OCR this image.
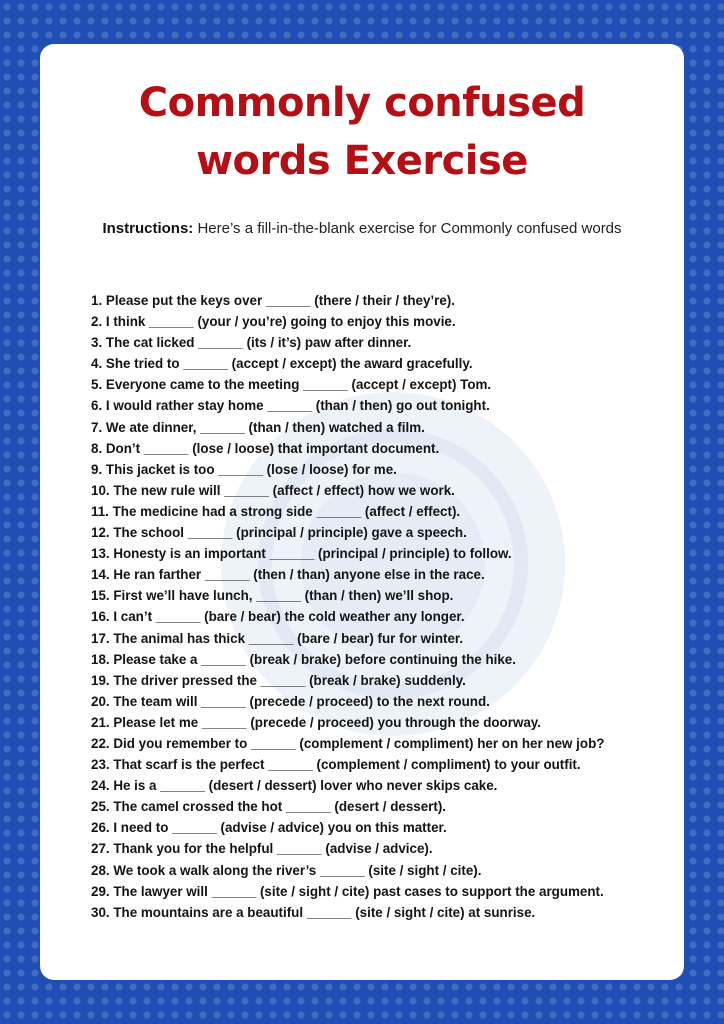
Commonly confused
words Exercise
Instructions: Here’s a fill-in-the-blank exercise for Commonly confused words
1. Please put the keys over ______ (there / their / they’re).
2. I think ______ (your / you’re) going to enjoy this movie.
3. The cat licked ______ (its / it’s) paw after dinner.
4. She tried to ______ (accept / except) the award gracefully.
5. Everyone came to the meeting ______ (accept / except) Tom.
6. I would rather stay home ______ (than / then) go out tonight.
7. We ate dinner, ______ (than / then) watched a film.
8. Don’t ______ (lose / loose) that important document.
9. This jacket is too ______ (lose / loose) for me.
10. The new rule will ______ (affect / effect) how we work.
11. The medicine had a strong side ______ (affect / effect).
12. The school ______ (principal / principle) gave a speech.
13. Honesty is an important ______ (principal / principle) to follow.
14. He ran farther ______ (then / than) anyone else in the race.
15. First we’ll have lunch, ______ (than / then) we’ll shop.
16. I can’t ______ (bare / bear) the cold weather any longer.
17. The animal has thick ______ (bare / bear) fur for winter.
18. Please take a ______ (break / brake) before continuing the hike.
19. The driver pressed the ______ (break / brake) suddenly.
20. The team will ______ (precede / proceed) to the next round.
21. Please let me ______ (precede / proceed) you through the doorway.
22. Did you remember to ______ (complement / compliment) her on her new job?
23. That scarf is the perfect ______ (complement / compliment) to your outfit.
24. He is a ______ (desert / dessert) lover who never skips cake.
25. The camel crossed the hot ______ (desert / dessert).
26. I need to ______ (advise / advice) you on this matter.
27. Thank you for the helpful ______ (advise / advice).
28. We took a walk along the river’s ______ (site / sight / cite).
29. The lawyer will ______ (site / sight / cite) past cases to support the argument.
30. The mountains are a beautiful ______ (site / sight / cite) at sunrise.
